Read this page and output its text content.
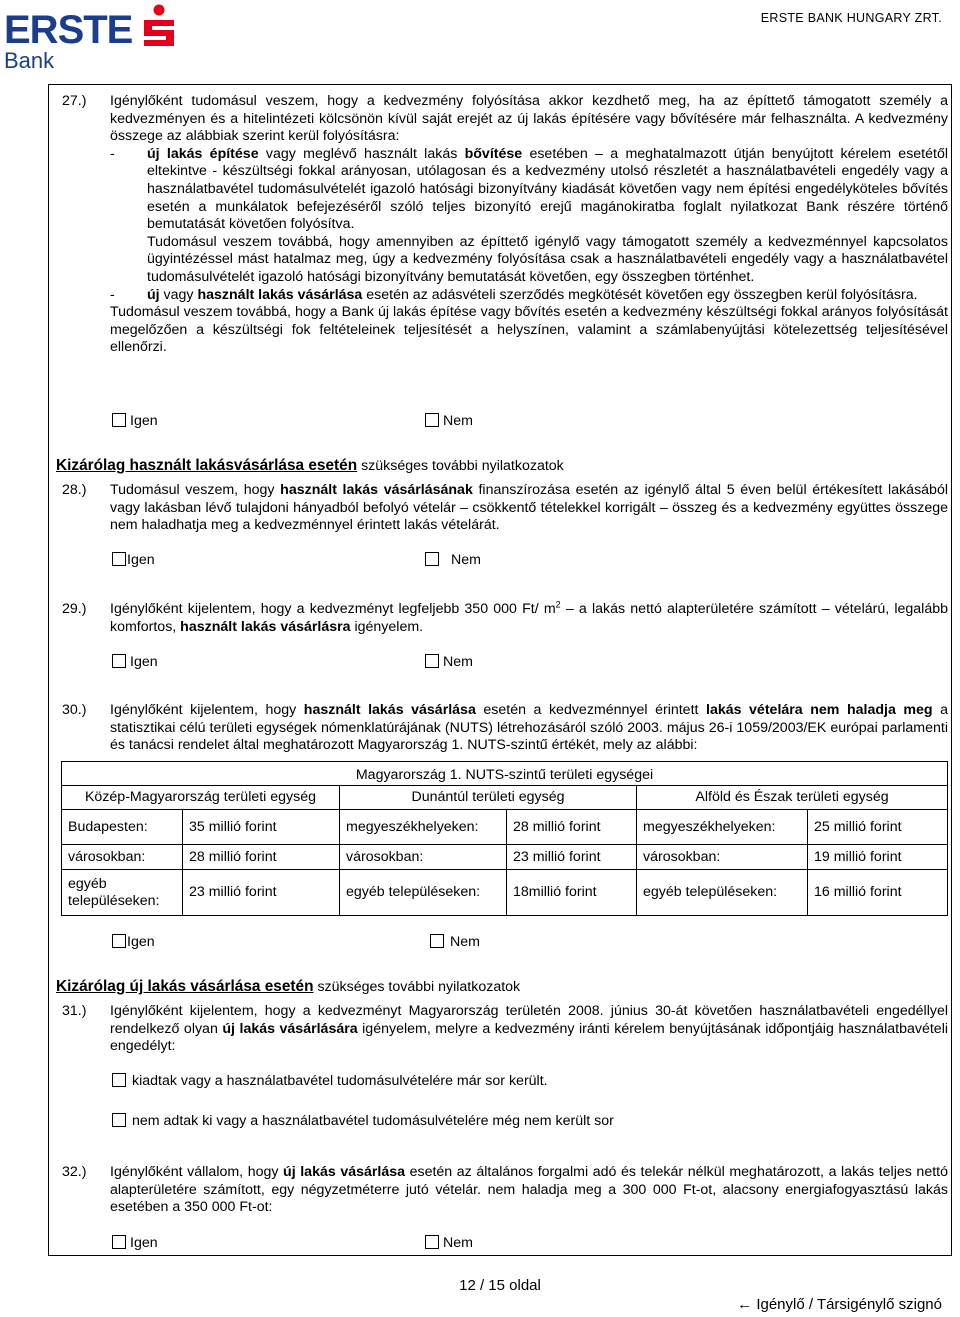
ERSTE
Bank
ERSTE BANK HUNGARY ZRT.
27.) Igénylőként tudomásul veszem, hogy a kedvezmény folyósítása akkor kezdhető meg, ha az építtető támogatott személy a kedvezményen és a hitelintézeti kölcsönön kívül saját erejét az új lakás építésére vagy bővítésére már felhasználta. A kedvezmény összege az alábbiak szerint kerül folyósításra:

- új lakás építése vagy meglévő használt lakás bővítése esetében – a meghatalmazott útján benyújtott kérelem esetétől eltekintve - készültségi fokkal arányosan, utólagosan és a kedvezmény utolsó részletét a használatbavételi engedély vagy a használatbavétel tudomásulvételét igazoló hatósági bizonyítvány kiadását követően vagy nem építési engedélyköteles bővítés esetén a munkálatok befejezéséről szóló teljes bizonyító erejű magánokiratba foglalt nyilatkozat Bank részére történő bemutatását követően folyósítva.

Tudomásul veszem továbbá, hogy amennyiben az építtető igénylő vagy támogatott személy a kedvezménnyel kapcsolatos ügyintézéssel mást hatalmaz meg, úgy a kedvezmény folyósítása csak a használatbavételi engedély vagy a használatbavétel tudomásulvételét igazoló hatósági bizonyítvány bemutatását követően, egy összegben történhet.

- új vagy használt lakás vásárlása esetén az adásvételi szerződés megkötését követően egy összegben kerül folyósításra.

Tudomásul veszem továbbá, hogy a Bank új lakás építése vagy bővítés esetén a kedvezmény készültségi fokkal arányos folyósítását megelőzően a készültségi fok feltételeinek teljesítését a helyszínen, valamint a számlabenyújtási kötelezettség teljesítésével ellenőrzi.

Igen	Nem
Kizárólag használt lakásvásárlása esetén szükséges további nyilatkozatok
28.) Tudomásul veszem, hogy használt lakás vásárlásának finanszírozása esetén az igénylő által 5 éven belül értékesített lakásából vagy lakásban lévő tulajdoni hányadból befolyó vételár – csökkentő tételekkel korrigált – összeg és a kedvezmény együttes összege nem haladhatja meg a kedvezménnyel érintett lakás vételárát.

Igen	Nem
29.) Igénylőként kijelentem, hogy a kedvezményt legfeljebb 350 000 Ft/ $m^2$ – a lakás nettó alapterületére számított – vételárú, legalább komfortos, használt lakás vásárlásra igényelem.

Igen	Nem
30.) Igénylőként kijelentem, hogy használt lakás vásárlása esetén a kedvezménnyel érintett lakás vételára nem haladja meg a statisztikai célú területi egységek nómenklatúrájának (NUTS) létrehozásáról szóló 2003. május 26-i 1059/2003/EK európai parlamenti és tanácsi rendelet által meghatározott Magyarország 1. NUTS-szintű értékét, mely az alábbi:

Magyarország 1. NUTS-szintű területi egységei					
Közép-Magyarország területi egység		Dunántúl területi egység		Alföld és Észak területi egység	
Budapesten:	35 millió forint	megyeszékhelyeken:	28 millió forint	megyeszékhelyeken:	25 millió forint
városokban:	28 millió forint	városokban:	23 millió forint	városokban:	19 millió forint
egyéb településeken:	23 millió forint	egyéb településeken:	18millió forint	egyéb településeken:	16 millió forint
Igen	Nem
Kizárólag új lakás vásárlása esetén szükséges további nyilatkozatok
31.) Igénylőként kijelentem, hogy a kedvezményt Magyarország területén 2008. június 30-át követően használatbavételi engedéllyel rendelkező olyan új lakás vásárlására igényelem, melyre a kedvezmény iránti kérelem benyújtásának időpontjáig használatbavételi engedélyt:

kiadtak vagy a használatbavétel tudomásulvételére már sor került.
nem adtak ki vagy a használatbavétel tudomásulvételére még nem került sor
32.) Igénylőként vállalom, hogy új lakás vásárlása esetén az általános forgalmi adó és telekár nélkül meghatározott, a lakás teljes nettó alapterületére számított, egy négyzetméterre jutó vételár. nem haladja meg a 300 000 Ft-ot, alacsony energiafogyasztású lakás esetében a 350 000 Ft-ot:

Igen	Nem
12 / 15 oldal
← Igénylő / Társigénylő szignó
